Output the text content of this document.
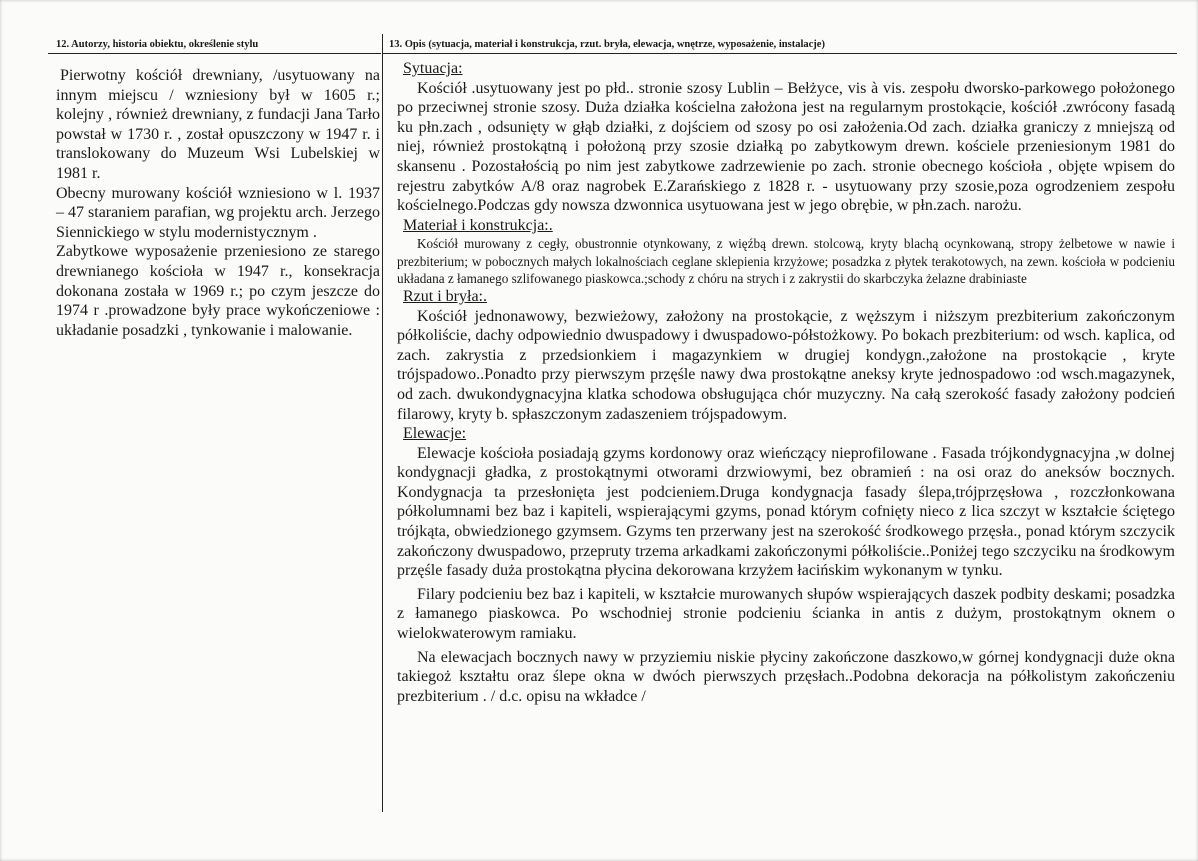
12. Autorzy, historia obiektu, określenie stylu

Pierwotny kościół drewniany, /usytuowany na innym miejscu / wzniesiony był w 1605 r.; kolejny , również drewniany, z fundacji Jana Tarło powstał w 1730 r. , został opuszczony w 1947 r. i translokowany do Muzeum Wsi Lubelskiej w 1981 r.

Obecny murowany kościół wzniesiono w l. 1937 – 47 staraniem parafian, wg projektu arch. Jerzego Siennickiego w stylu modernistycznym .

Zabytkowe wyposażenie przeniesiono ze starego drewnianego kościoła w 1947 r., konsekracja dokonana została w 1969 r.; po czym jeszcze do 1974 r .prowadzone były prace wykończeniowe : układanie posadzki , tynkowanie i malowanie.

13. Opis (sytuacja, materiał i konstrukcja, rzut. bryła, elewacja, wnętrze, wyposażenie, instalacje)
Sytuacja:

Kościół .usytuowany jest po płd.. stronie szosy Lublin – Bełżyce, vis à vis. zespołu dworsko-parkowego położonego po przeciwnej stronie szosy. Duża działka kościelna założona jest na regularnym prostokącie, kościół .zwrócony fasadą ku płn.zach , odsunięty w głąb działki, z dojściem od szosy po osi założenia.Od zach. działka graniczy z mniejszą od niej, również prostokątną i położoną przy szosie działką po zabytkowym drewn. kościele przeniesionym 1981 do skansenu . Pozostałością po nim jest zabytkowe zadrzewienie po zach. stronie obecnego kościoła , objęte wpisem do rejestru zabytków A/8 oraz nagrobek E.Zarańskiego z 1828 r. - usytuowany przy szosie,poza ogrodzeniem zespołu kościelnego.Podczas gdy nowsza dzwonnica usytuowana jest w jego obrębie, w płn.zach. narożu.

Materiał i konstrukcja:.

Kościół murowany z cegły, obustronnie otynkowany, z więźbą drewn. stolcową, kryty blachą ocynkowaną, stropy żelbetowe w nawie i prezbiterium; w pobocznych małych lokalnościach ceglane sklepienia krzyżowe; posadzka z płytek terakotowych, na zewn. kościoła w podcieniu układana z łamanego szlifowanego piaskowca.;schody z chóru na strych i z zakrystii do skarbczyka żelazne drabiniaste

Rzut i bryła:.

Kościół jednonawowy, bezwieżowy, założony na prostokącie, z węższym i niższym prezbiterium zakończonym półkoliście, dachy odpowiednio dwuspadowy i dwuspadowo-półstożkowy. Po bokach prezbiterium: od wsch. kaplica, od zach. zakrystia z przedsionkiem i magazynkiem w drugiej kondygn.,założone na prostokącie , kryte trójspadowo..Ponadto przy pierwszym przęśle nawy dwa prostokątne aneksy kryte jednospadowo :od wsch.magazynek, od zach. dwukondygnacyjna klatka schodowa obsługująca chór muzyczny. Na całą szerokość fasady założony podcień filarowy, kryty b. spłaszczonym zadaszeniem trójspadowym.

Elewacje:

Elewacje kościoła posiadają gzyms kordonowy oraz wieńczący nieprofilowane . Fasada trójkondygnacyjna ,w dolnej kondygnacji gładka, z prostokątnymi otworami drzwiowymi, bez obramień : na osi oraz do aneksów bocznych. Kondygnacja ta przesłonięta jest podcieniem.Druga kondygnacja fasady ślepa,trójprzęsłowa , rozczłonkowana półkolumnami bez baz i kapiteli, wspierającymi gzyms, ponad którym cofnięty nieco z lica szczyt w kształcie ściętego trójkąta, obwiedzionego gzymsem. Gzyms ten przerwany jest na szerokość środkowego przęsła., ponad którym szczycik zakończony dwuspadowo, przepruty trzema arkadkami zakończonymi półkoliście..Poniżej tego szczyciku na środkowym przęśle fasady duża prostokątna płycina dekorowana krzyżem łacińskim wykonanym w tynku.

Filary podcieniu bez baz i kapiteli, w kształcie murowanych słupów wspierających daszek podbity deskami; posadzka z łamanego piaskowca. Po wschodniej stronie podcieniu ścianka in antis z dużym, prostokątnym oknem o wielokwaterowym ramiaku.

Na elewacjach bocznych nawy w przyziemiu niskie płyciny zakończone daszkowo,w górnej kondygnacji duże okna takiegoż kształtu oraz ślepe okna w dwóch pierwszych przęsłach..Podobna dekoracja na półkolistym zakończeniu prezbiterium . / d.c. opisu na wkładce /
